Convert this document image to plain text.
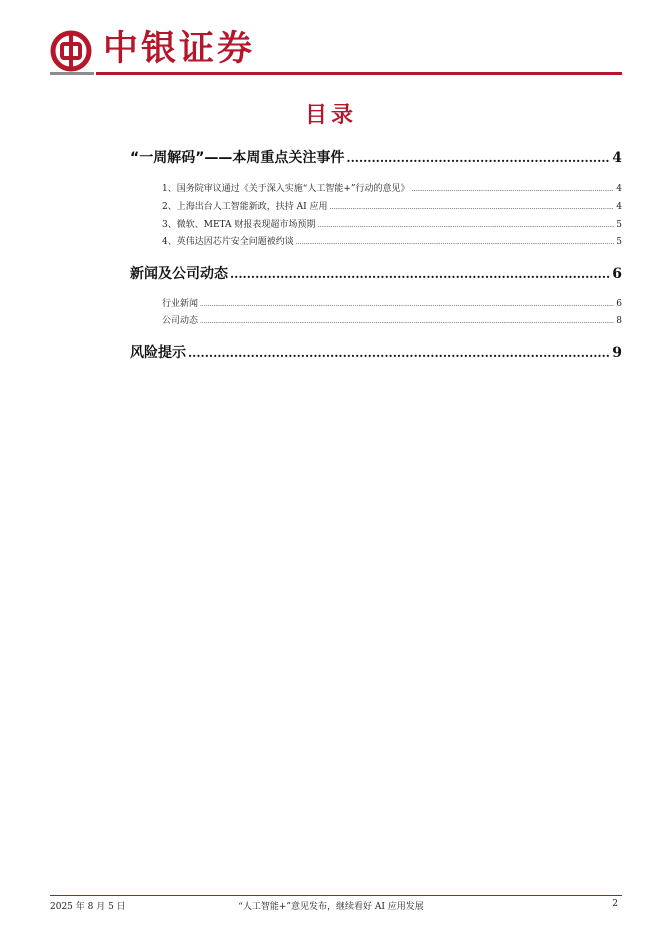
中银证券
目录
“一周解码”——本周重点关注事件 .....	4
1、国务院审议通过《关于深入实施“人工智能+”行动的意见》 .....	4
2、上海出台人工智能新政，扶持 AI 应用 .....	4
3、微软、META 财报表现超市场预期 .....	5
4、英伟达因芯片安全问题被约谈 .....	5
新闻及公司动态 .....	6
行业新闻 .....	6
公司动态 .....	8
风险提示 .....	9
2025 年 8 月 5 日	“人工智能+”意见发布，继续看好 AI 应用发展	2
